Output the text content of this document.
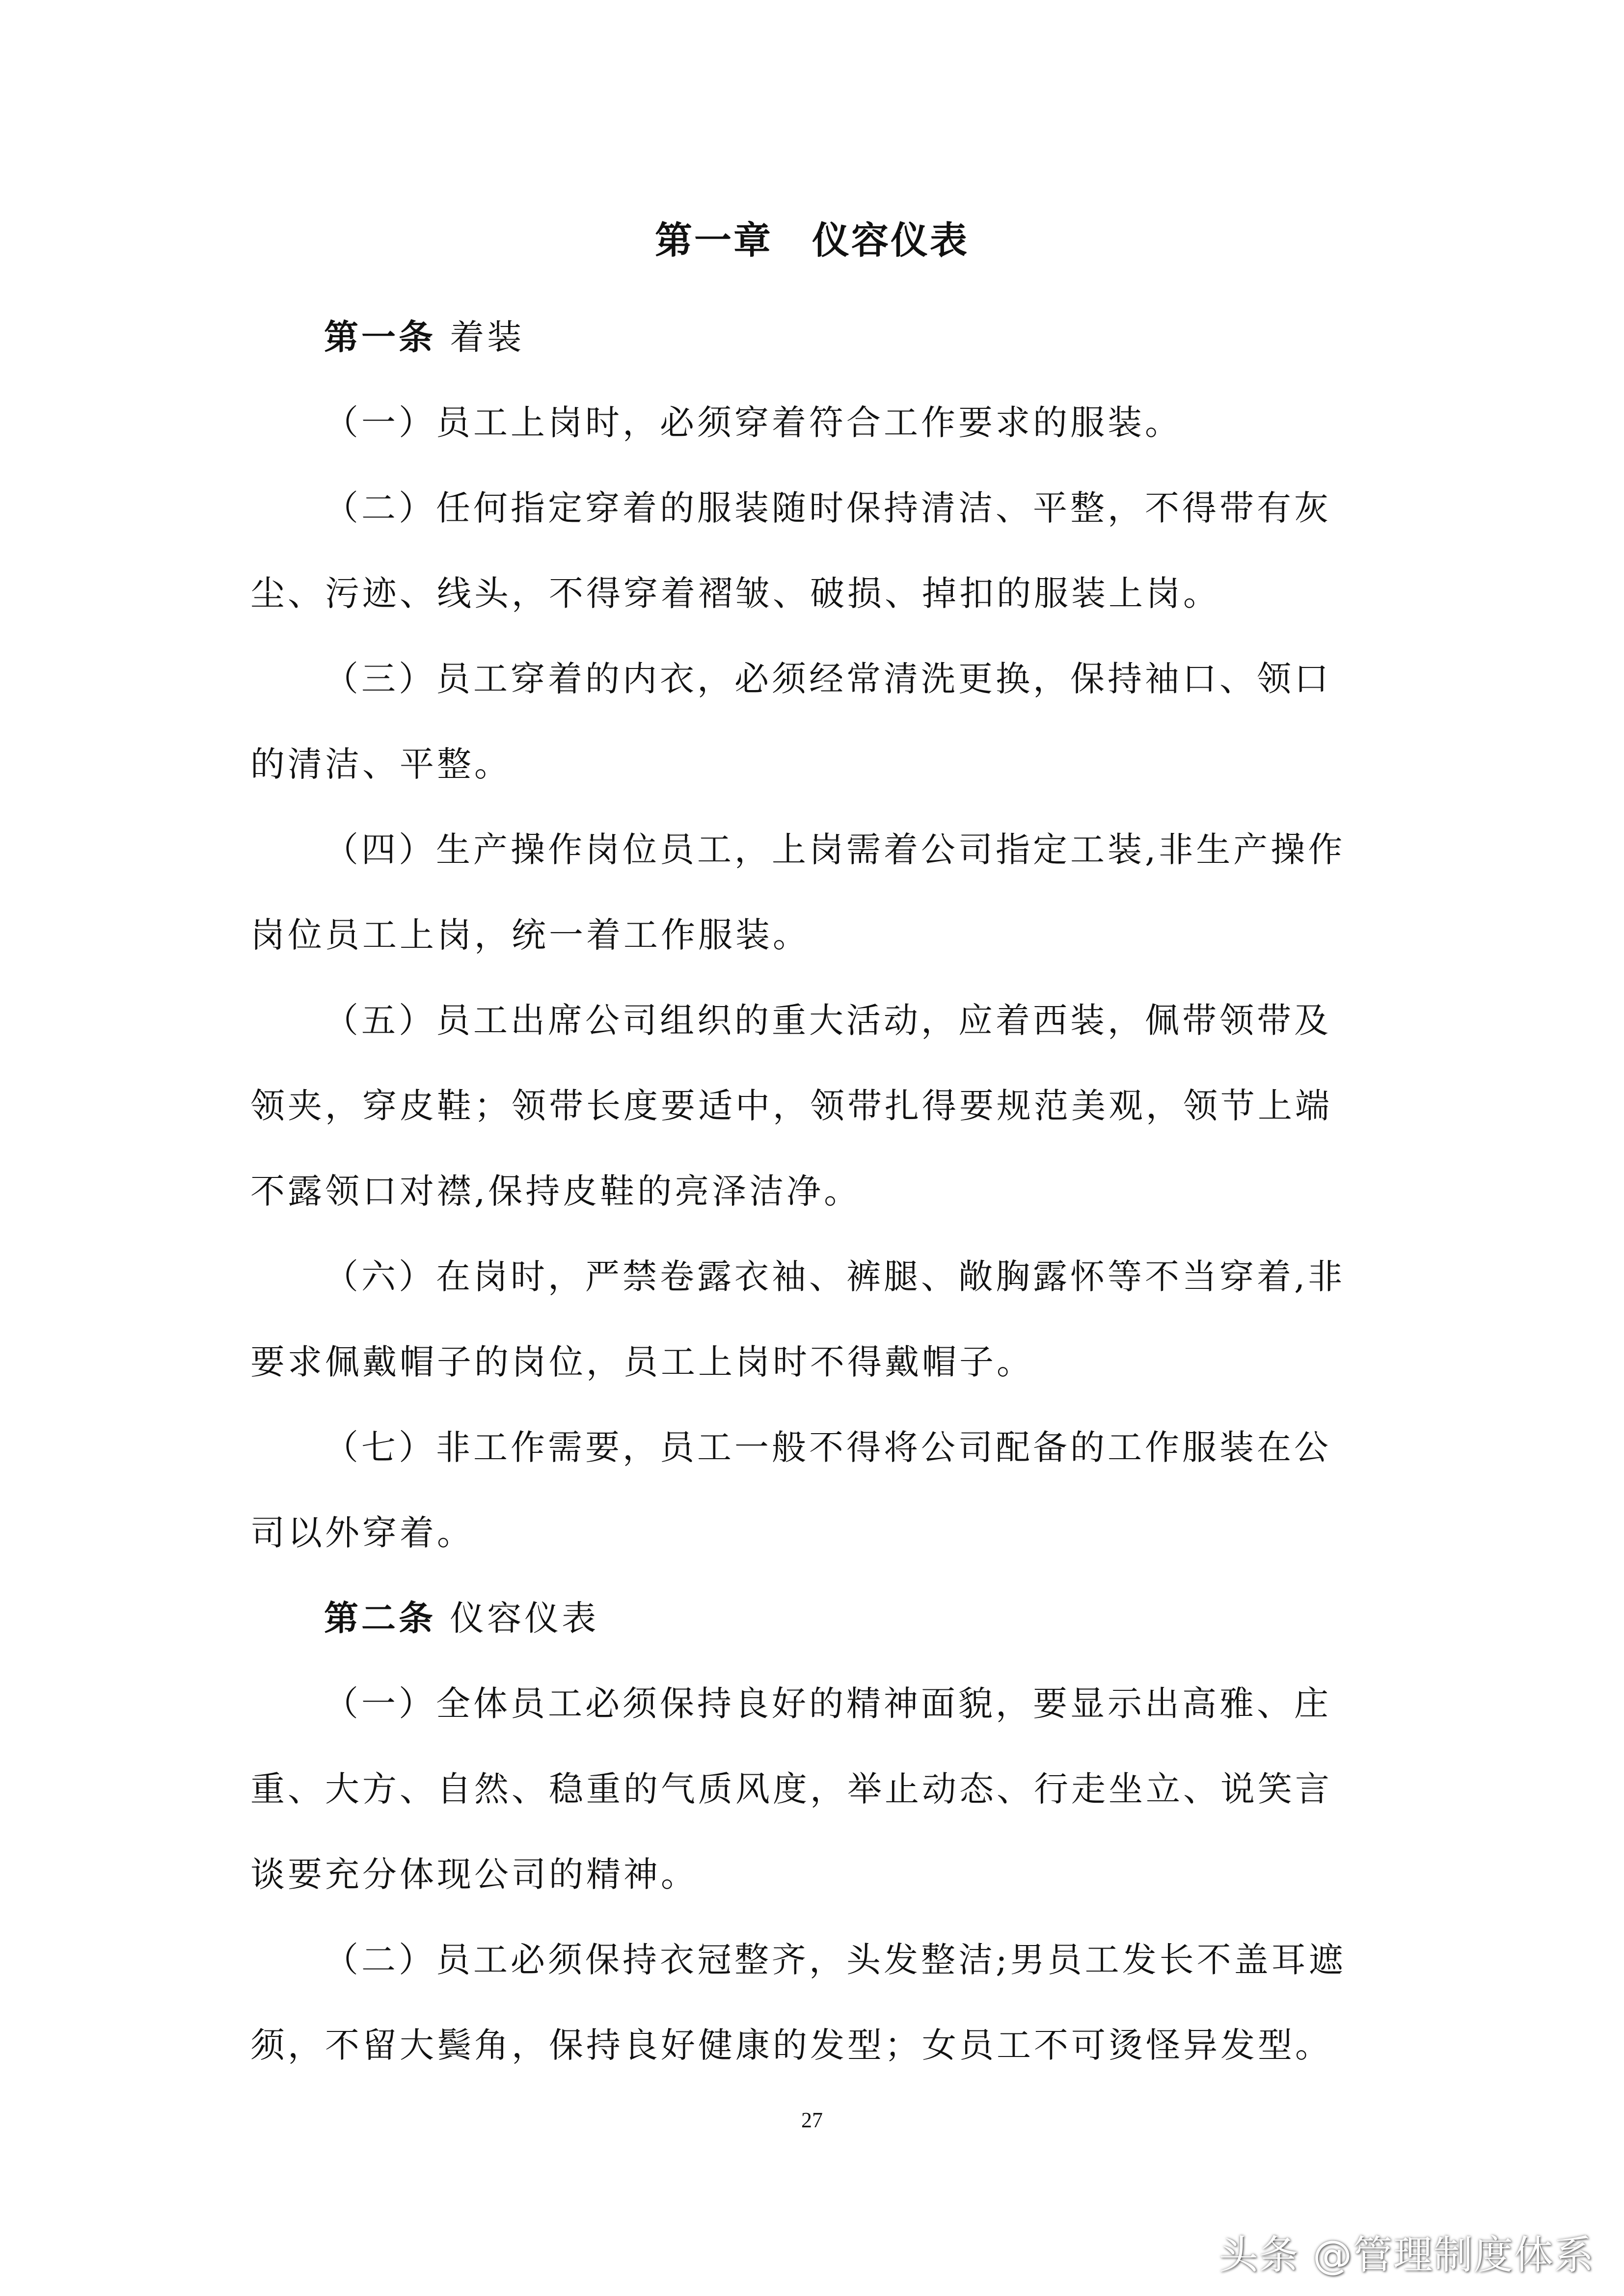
第一章　仪容仪表
第一条 着装
（一）员工上岗时，必须穿着符合工作要求的服装。
（二）任何指定穿着的服装随时保持清洁、平整，不得带有灰
尘、污迹、线头，不得穿着褶皱、破损、掉扣的服装上岗。
（三）员工穿着的内衣，必须经常清洗更换，保持袖口、领口
的清洁、平整。
（四）生产操作岗位员工，上岗需着公司指定工装,非生产操作
岗位员工上岗，统一着工作服装。
（五）员工出席公司组织的重大活动，应着西装，佩带领带及
领夹，穿皮鞋；领带长度要适中，领带扎得要规范美观，领节上端
不露领口对襟,保持皮鞋的亮泽洁净。
（六）在岗时，严禁卷露衣袖、裤腿、敞胸露怀等不当穿着,非
要求佩戴帽子的岗位，员工上岗时不得戴帽子。
（七）非工作需要，员工一般不得将公司配备的工作服装在公
司以外穿着。
第二条 仪容仪表
（一）全体员工必须保持良好的精神面貌，要显示出高雅、庄
重、大方、自然、稳重的气质风度，举止动态、行走坐立、说笑言
谈要充分体现公司的精神。
（二）员工必须保持衣冠整齐，头发整洁;男员工发长不盖耳遮
须，不留大鬓角，保持良好健康的发型；女员工不可烫怪异发型。
27
头条 @管理制度体系
